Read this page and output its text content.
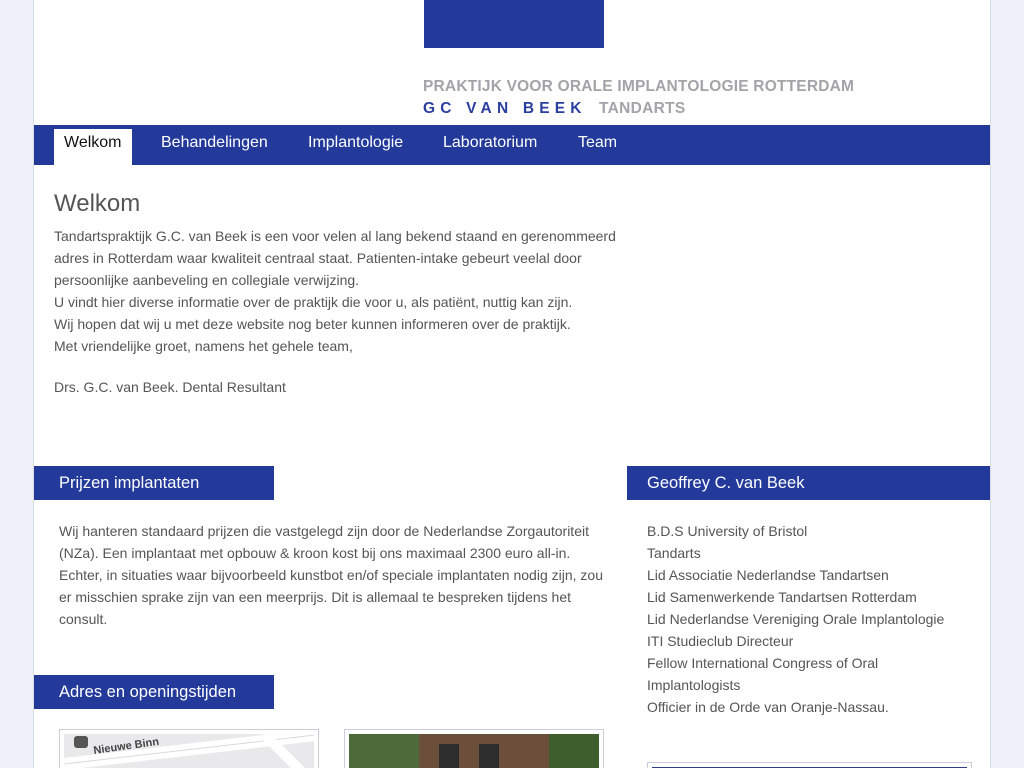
PRAKTIJK VOOR ORALE IMPLANTOLOGIE ROTTERDAM
GC VAN BEEK TANDARTS
Welkom	Behandelingen	Implantologie Laboratorium	Team
Welkom

Tandartspraktijk G.C. van Beek is een voor velen al lang bekend staand en gerenommeerd adres in Rotterdam waar kwaliteit centraal staat. Patienten-intake gebeurt veelal door persoonlijke aanbeveling en collegiale verwijzing.

U vindt hier diverse informatie over de praktijk die voor u, als patiënt, nuttig kan zijn.

Wij hopen dat wij u met deze website nog beter kunnen informeren over de praktijk.

Met vriendelijke groet, namens het gehele team,

Drs. G.C. van Beek. Dental Resultant
Prijzen implantaten
Wij hanteren standaard prijzen die vastgelegd zijn door de Nederlandse Zorgautoriteit (NZa). Een implantaat met opbouw & kroon kost bij ons maximaal 2300 euro all-in. Echter, in situaties waar bijvoorbeeld kunstbot en/of speciale implantaten nodig zijn, zou er misschien sprake zijn van een meerprijs. Dit is allemaal te bespreken tijdens het consult.
Adres en openingstijden
Geoffrey C. van Beek
B.D.S University of Bristol
Tandarts
Lid Associatie Nederlandse Tandartsen
Lid Samenwerkende Tandartsen Rotterdam
Lid Nederlandse Vereniging Orale Implantologie
ITI Studieclub Directeur
Fellow International Congress of Oral Implantologists
Officier in de Orde van Oranje-Nassau.
Nieuwe Binn
